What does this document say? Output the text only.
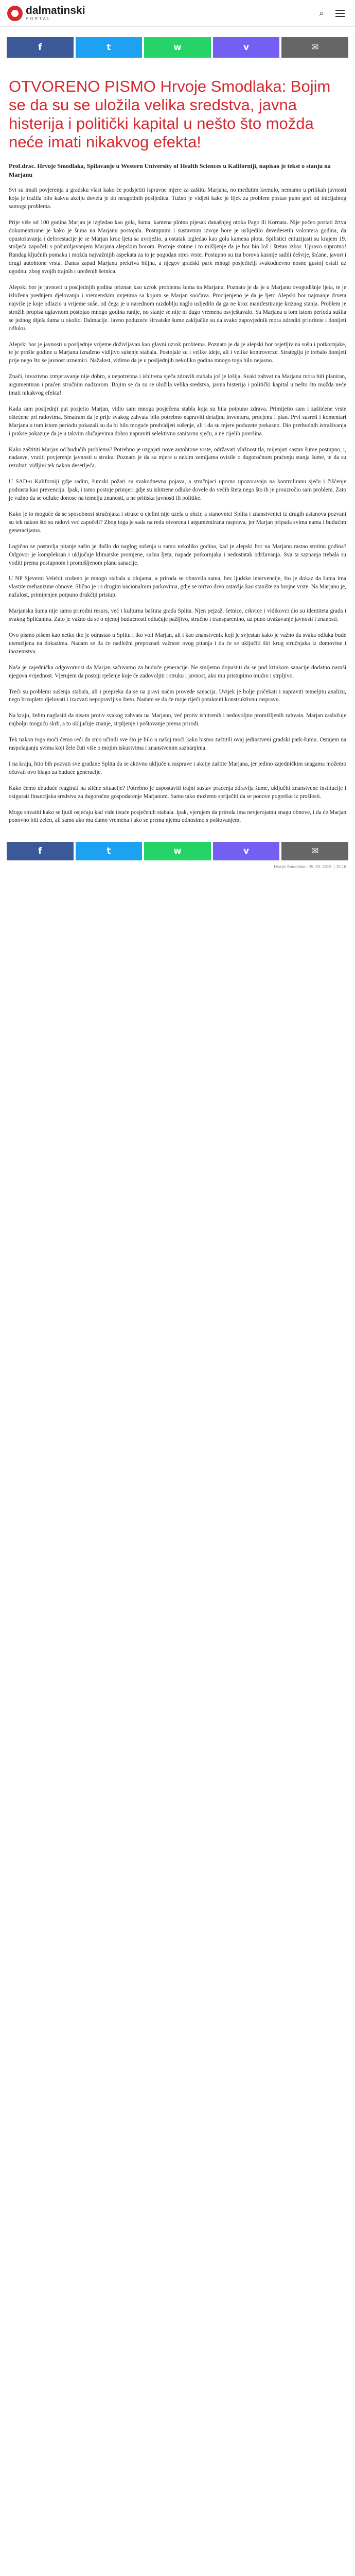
dalmatinski
PORTAL
⌕
f	t	w	v	✉
OTVORENO PISMO Hrvoje Smodlaka: Bojim se da su se uložila velika sredstva, javna histerija i politički kapital u nešto što možda neće imati nikakvog efekta!

Prof.dr.sc. Hrvoje Smodlaka, Spilavanje u Western University of Health Sciences u Kaliforniji, napisao je tekst o stanju na Marjanu

Svi su imali povjerenja u gradsku vlast kako će podsjetiti ispravne mjere za zaštitu Marjana, no međutim krenulo, nemamo u prilikah javnosti koja je tražila bilo kakvu akciju dovela je do neugodnih posljedica. Tužno je vidjeti kako je lijek za problem postao puno gori od inicijalnog samoga problema.

Prije više od 100 godina Marjan je izgledao kao gola, šuma, kamena plotna pijesak današnjeg otoka Pago ili Kornata. Nije počeo postati žrtva dokumentirane je kako je šuma na Marjanu postojala. Postupnim i sustavnim izvoje bore je uslijedilo devedesetih volontera godina, da opustošavanja i deforestacije je se Marjan kroz ljeta sa uvriježio, a ostatak izgledao kao gola kamena plota. Spilistici entuzijasti su krajem 19. stoljeća započeli s pošumljavanjem Marjana alepskim borom. Postoje stotine i to mišljenje da je bor bio loš i štetan izbor. Upravo suprotno! Randag ključnih pomaka i možda najvažnijih aspekata za to je pogodan stres vrste. Postupno su iza borova kasnije sadili češvije, šićane, javori i drugi autohtone vrsta. Danas zapad Marjana prekriva biljna, a njegov gradski park mnogi posjetitelji svakodnevno nosne gustoj ostali uz ugodnu, zbog svojih trajnih i uređenih šetnica.

Alepski bor je javnosti u posljednjih godina priznan kao uzrok problema šuma na Marjanu. Poznato je da je u Marjanu ovogodišnje ljeta, te je izložena prednjem djelovanju i vremenskim uvjetima sa kojom se Marjan suočava. Procijenjeno je da je ljeto Alepski bor najmanje drveta najviše je koje odlazio u vrijeme suše, od čega je u narednom razdoblju naglo usljedilo da ga ne kroz manifestiranje kriznog stanja. Problem je strožih propisa uglavnom postojao mnogo godina ranije, no stanje se nije ni dugo vremena osvještavalo. Sa Marjana u tom istom periodu sušila se jednog dijela šuma u okolici Dalmacije. Javno poduzeće Hrvatske šume zaključile su da svako zapovjednik mora odrediti prioritete i donijeti odluku.

Alepski bor je javnosti u posljednje vrijeme doživljavan kao glavni uzrok problema. Poznato je da je alepski bor osjetljiv na sušu i potkornjake, te je prošle godine u Marjanu izrađeno vidljivo sušenje stabala. Postojale su i velike ideje, ali i velike kontroverze. Strategiju je trebalo donijeti prije nego što se javnost uznemiri. Nažalost, vidimo da je u posljednjih nekoliko godina mnogo toga bilo nejasno.

Znači, invazivno izmjeravanje nije dobro, a nepotrebna i ishitrena sječa zdravih stabala još je lošija. Svaki zahvat na Marjanu mora biti planiran, argumentiran i praćen stručnim nadzorom. Bojim se da su se uložila velika sredstva, javna histerija i politički kapital u nešto što možda neće imati nikakvog efekta!

Kada sam posljednji put posjetio Marjan, vidio sam mnoga posječena stabla koja su bila potpuno zdrava. Primijetio sam i zaštićene vrste oštećene pri radovima. Smatram da je prije svakog zahvata bilo potrebno napraviti detaljnu inventuru, procjenu i plan. Prvi susreti i komentari Marjana u tom istom periodu pokazali su da bi bilo moguće predvidjeti sušenje, ali i da su mjere poduzete prekasno. Dio prethodnih istraživanja i prakse pokazuje da je u takvim slučajevima dobro napraviti selektivnu sanitarnu sječu, a ne cijelih površina.

Kako zaštititi Marjan od budućih problema? Potrebno je uzgajati nove autohtone vrste, održavati vlažnost tla, mijenjati sastav šume postupno, i, nadasve, vratiti povjerenje javnosti u struku. Poznato je da su mjere u nekim zemljama ovisile o dugoročnom praćenju stanja šume, te da su rezultati vidljivi tek nakon desetljeća.

U SAD-u Kaliforniji gdje radim, šumski požari su svakodnevna pojava, a stručnjaci uporno upozoravaju na kontroliranu sječu i čišćenje podrasta kao prevenciju. Ipak, i tamo postoje primjeri gdje su ishitrene odluke dovele do većih šteta nego što ih je prouzročio sam problem. Zato je važno da se odluke donose na temelju znanosti, a ne pritiska javnosti ili politike.

Kako je to moguće da se sposobnost stručnjaka i struke u cjelini nije uzela u obzir, a stanovnici Splita i znanstvenici iz drugih ustanova pozvani su tek nakon što su radovi već započeli? Zbog toga je sada na redu otvorena i argumentirana rasprava, jer Marjan pripada svima nama i budućim generacijama.

Logično se postavlja pitanje zašto je došlo do naglog sušenja u samo nekoliko godina, kad je alepski bor na Marjanu rastao stotinu godina? Odgovor je kompleksan i uključuje klimatske promjene, sušna ljeta, napade potkornjaka i nedostatak održavanja. Sva ta saznanja trebala su voditi prema postupnom i promišljenom planu sanacije.

U NP Sjeverni Velebit srušeno je mnogo stabala u olujama, a priroda se obnovila sama, bez ljudske intervencije, što je dokaz da šuma ima vlastite mehanizme obnove. Slično je i s drugim nacionalnim parkovima, gdje se mrtvo drvo ostavlja kao stanište za brojne vrste. Na Marjanu je, nažalost, primijenjen potpuno drukčiji pristup.

Marjanska šuma nije samo prirodni resurs, već i kulturna baština grada Splita. Njen pejzaž, šetnice, crkvice i vidikovci dio su identiteta grada i svakog Splićanina. Zato je važno da se o njenoj budućnosti odlučuje pažljivo, stručno i transparentno, uz puno uvažavanje javnosti i znanosti.

Ovo pismo pišem kao netko tko je odrastao u Splitu i tko voli Marjan, ali i kao znanstvenik koji je svjestan kako je važno da svaka odluka bude utemeljena na dokazima. Nadam se da će nadležni prepoznati važnost ovog pitanja i da će se uključiti širi krug stručnjaka iz domovine i inozemstva.

Naša je zajednička odgovornost da Marjan sačuvamo za buduće generacije. Ne smijemo dopustiti da se pod krinkom sanacije dodatno naruši njegova vrijednost. Vjerujem da postoji rješenje koje će zadovoljiti i struku i javnost, ako mu pristupimo mudro i strpljivo.

Treći su problemi sušenja stabala, ali i prepreka da se na pravi način provede sanacija. Uvijek je bolje pričekati i napraviti temeljitu analizu, nego brzopleto djelovati i izazvati nepopravljivu štetu. Nadam se da će moje riječi potaknuti konstruktivnu raspravu.

Na kraju, želim naglasiti da nisam protiv svakog zahvata na Marjanu, već protiv ishitrenih i nedovoljno promišljenih zahvata. Marjan zaslužuje najbolju moguću skrb, a to uključuje znanje, strpljenje i poštovanje prema prirodi.

Tek nakon toga moći ćemo reći da smo učinili sve što je bilo u našoj moći kako bismo zaštitili ovaj jedinstveni gradski park-šumu. Ostajem na raspolaganju svima koji žele čuti više o mojim iskustvima i znanstvenim saznanjima.

I na kraju, htio bih pozvati sve građane Splita da se aktivno uključe u rasprave i akcije zaštite Marjana, jer jedino zajedničkim snagama možemo očuvati ovo blago za buduće generacije.

Kako ćemo ubuduće reagirati na slične situacije? Potrebno je uspostaviti trajni sustav praćenja zdravlja šume, uključiti znanstvene institucije i osigurati financijska sredstva za dugoročno gospodarenje Marjanom. Samo tako možemo spriječiti da se ponove pogreške iz prošlosti.

Mogu shvatiti kako se ljudi osjećaju kad vide tisuće posječenih stabala. Ipak, vjerujem da priroda ima nevjerojatnu snagu obnove, i da će Marjan ponovno biti zelen, ali samo ako mu damo vremena i ako se prema njemu odnosimo s poštovanjem.

f	t	w	v	✉
Hrvoje Smodlaka | 05. 03. 2019. | 15:16
